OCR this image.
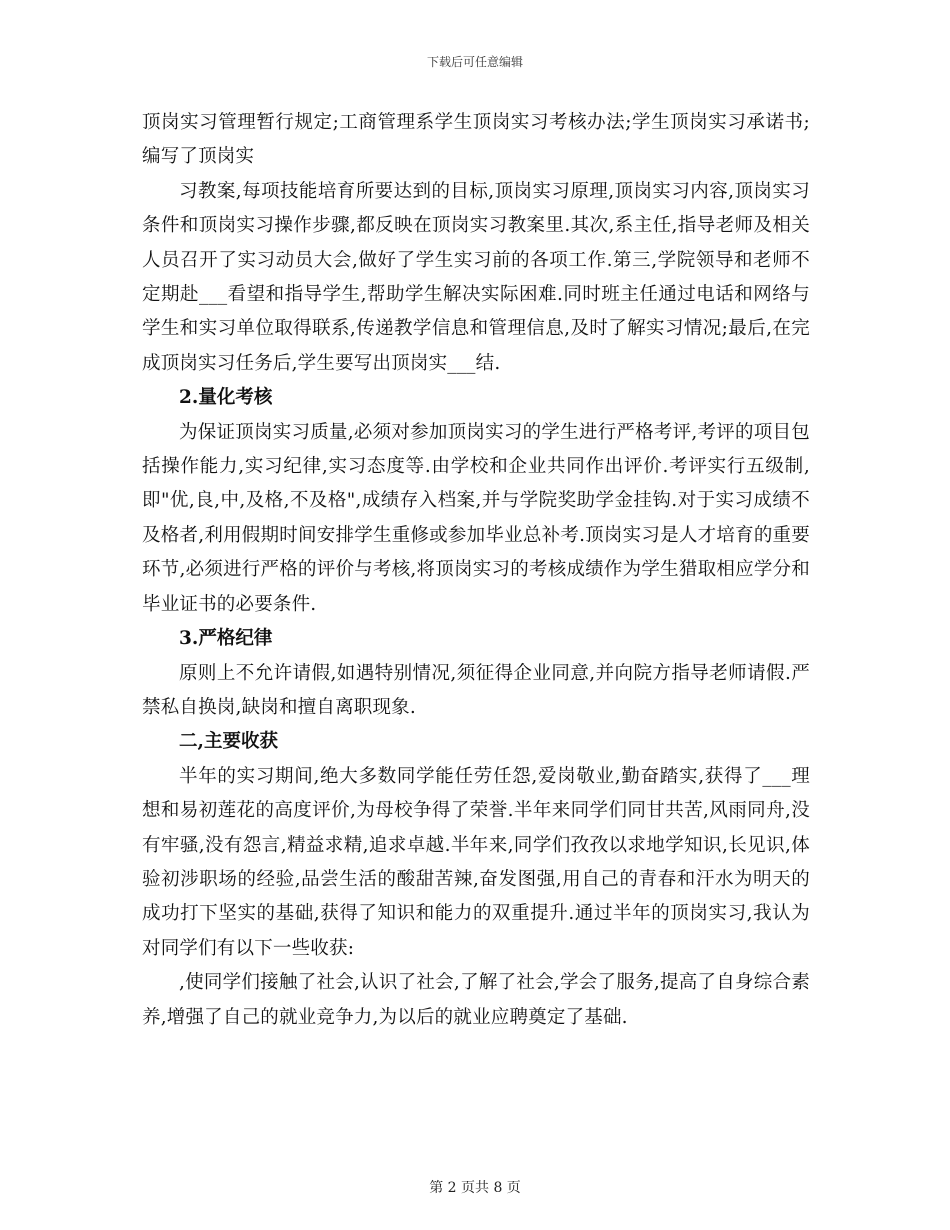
下载后可任意编辑

顶岗实习管理暂行规定;工商管理系学生顶岗实习考核办法;学生顶岗实习承诺书;编写了顶岗实

习教案,每项技能培育所要达到的目标,顶岗实习原理,顶岗实习内容,顶岗实习条件和顶岗实习操作步骤,都反映在顶岗实习教案里.其次,系主任,指导老师及相关人员召开了实习动员大会,做好了学生实习前的各项工作.第三,学院领导和老师不定期赴___看望和指导学生,帮助学生解决实际困难.同时班主任通过电话和网络与学生和实习单位取得联系,传递教学信息和管理信息,及时了解实习情况;最后,在完成顶岗实习任务后,学生要写出顶岗实___结.

2.量化考核

为保证顶岗实习质量,必须对参加顶岗实习的学生进行严格考评,考评的项目包括操作能力,实习纪律,实习态度等.由学校和企业共同作出评价.考评实行五级制,即"优,良,中,及格,不及格",成绩存入档案,并与学院奖助学金挂钩.对于实习成绩不及格者,利用假期时间安排学生重修或参加毕业总补考.顶岗实习是人才培育的重要环节,必须进行严格的评价与考核,将顶岗实习的考核成绩作为学生猎取相应学分和毕业证书的必要条件.

3.严格纪律

原则上不允许请假,如遇特别情况,须征得企业同意,并向院方指导老师请假.严禁私自换岗,缺岗和擅自离职现象.

二,主要收获

半年的实习期间,绝大多数同学能任劳任怨,爱岗敬业,勤奋踏实,获得了___理想和易初莲花的高度评价,为母校争得了荣誉.半年来同学们同甘共苦,风雨同舟,没有牢骚,没有怨言,精益求精,追求卓越.半年来,同学们孜孜以求地学知识,长见识,体验初涉职场的经验,品尝生活的酸甜苦辣,奋发图强,用自己的青春和汗水为明天的成功打下坚实的基础,获得了知识和能力的双重提升.通过半年的顶岗实习,我认为对同学们有以下一些收获:

,使同学们接触了社会,认识了社会,了解了社会,学会了服务,提高了自身综合素养,增强了自己的就业竞争力,为以后的就业应聘奠定了基础.

第 2 页共 8 页
